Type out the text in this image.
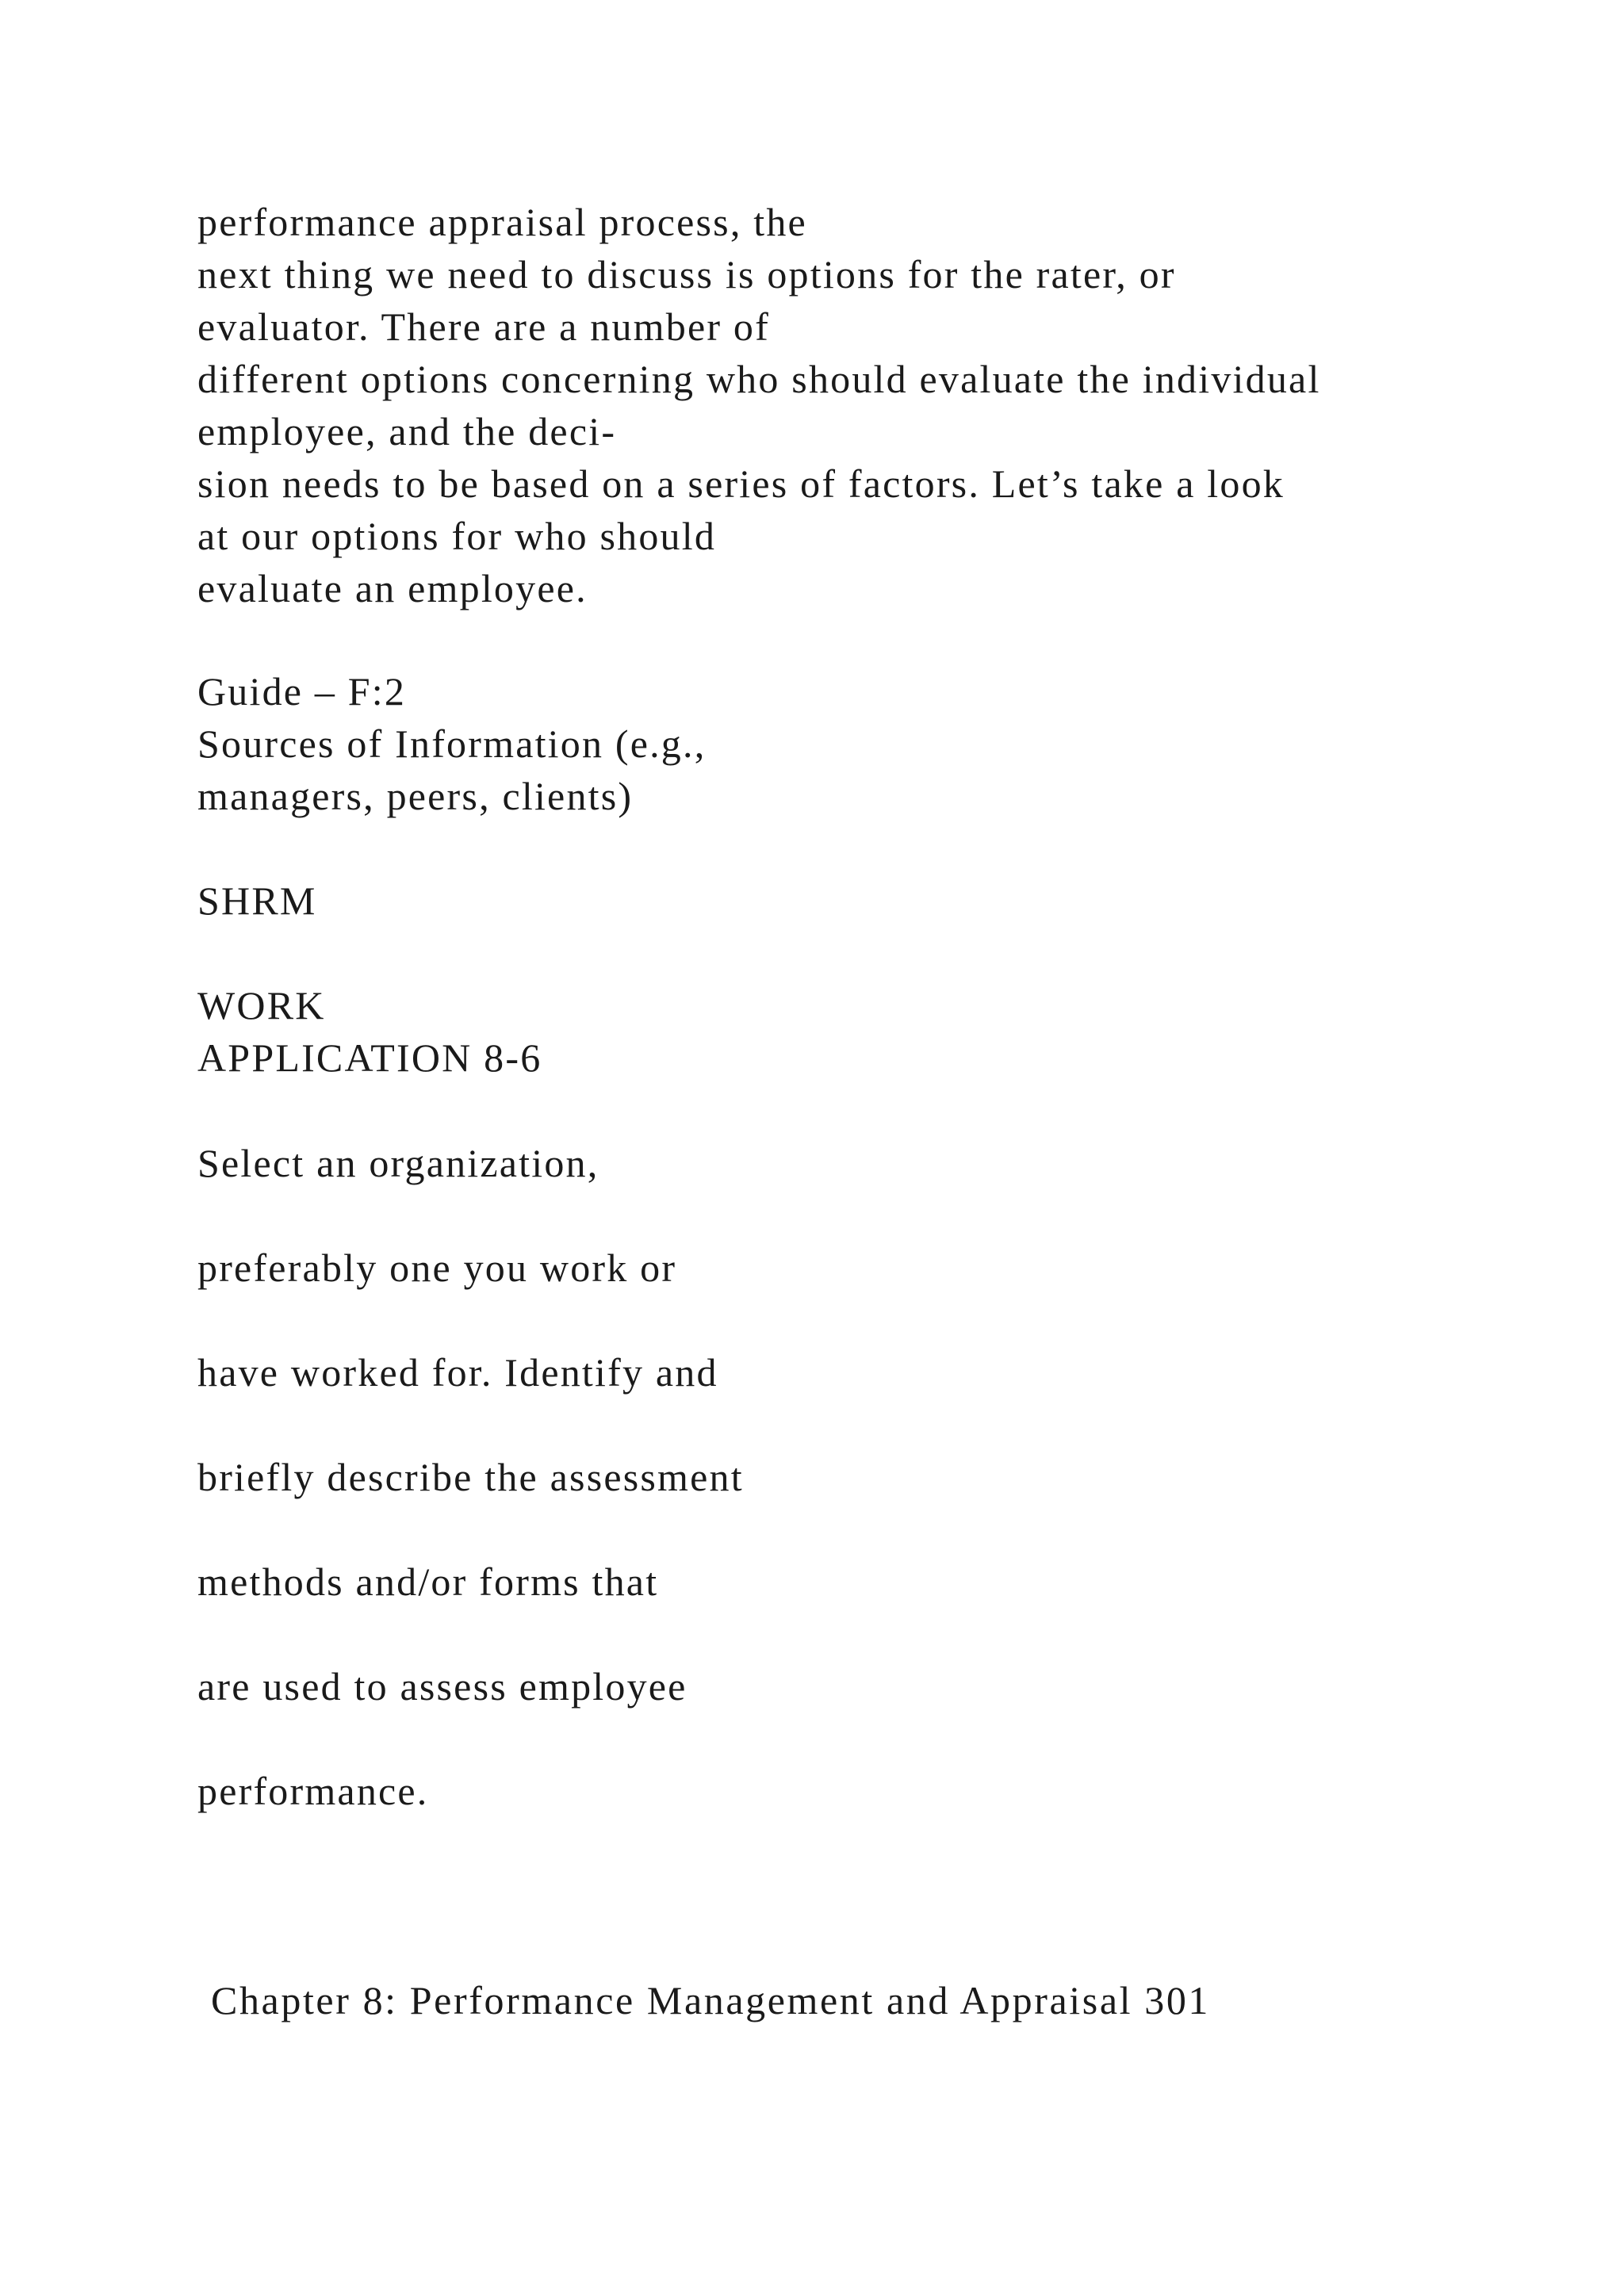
performance appraisal process, the
next thing we need to discuss is options for the rater, or
evaluator. There are a number of
different options concerning who should evaluate the individual
employee, and the deci-
sion needs to be based on a series of factors. Let’s take a look
at our options for who should
evaluate an employee.
Guide – F:2
Sources of Information (e.g.,
managers, peers, clients)
SHRM
WORK
APPLICATION 8-6
Select an organization,
preferably one you work or
have worked for. Identify and
briefly describe the assessment
methods and/or forms that
are used to assess employee
performance.
Chapter 8: Performance Management and Appraisal 301
